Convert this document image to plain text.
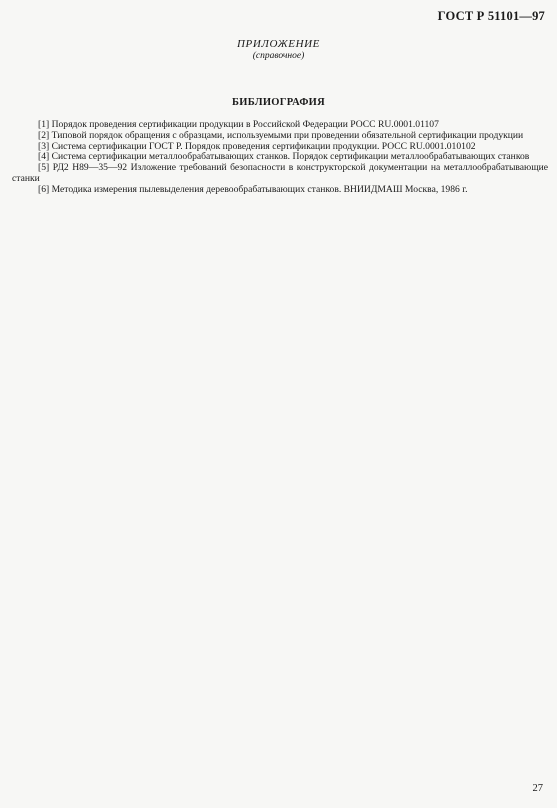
ГОСТ Р 51101—97
ПРИЛОЖЕНИЕ
(справочное)
БИБЛИОГРАФИЯ
[1] Порядок проведения сертификации продукции в Российской Федерации РОСС RU.0001.01107
[2] Типовой порядок обращения с образцами, используемыми при проведении обязательной сертификации продукции
[3] Система сертификации ГОСТ Р. Порядок проведения сертификации продукции. РОСС RU.0001.010102
[4] Система сертификации металлообрабатывающих станков. Порядок сертификации металлообрабатывающих станков
[5] РД2 Н89—35—92 Изложение требований безопасности в конструкторской документации на металлообрабатывающие станки
[6] Методика измерения пылевыделения деревообрабатывающих станков. ВНИИДМАШ Москва, 1986 г.
27
